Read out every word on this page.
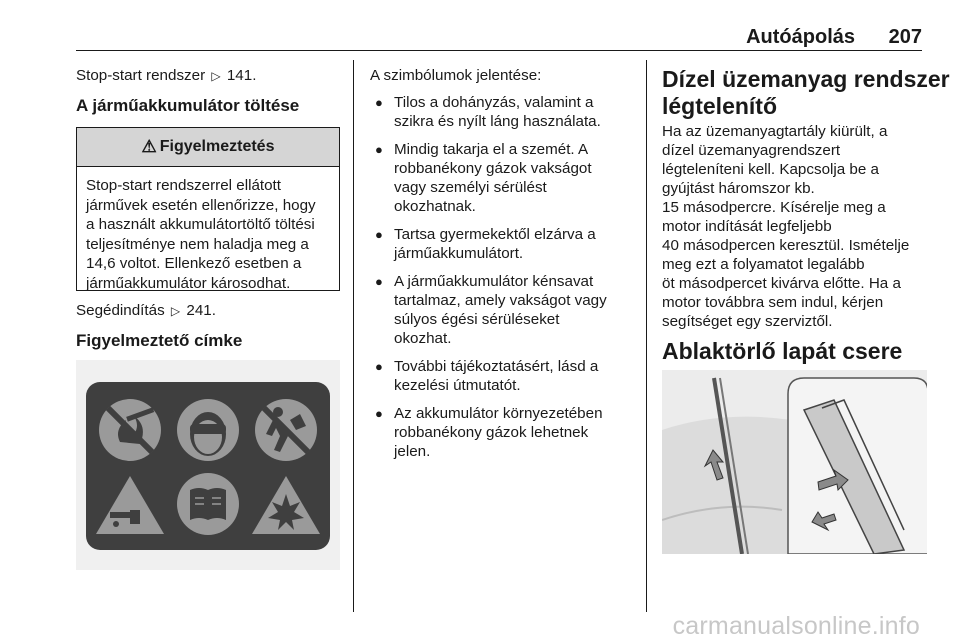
Autóápolás 207
Stop-start rendszer ▷ 141.
A járműakkumulátor töltése
⚠ Figyelmeztetés
Stop-start rendszerrel ellátott
járművek esetén ellenőrizze, hogy
a használt akkumulátortöltő töltési
teljesítménye nem haladja meg a
14,6 voltot. Ellenkező esetben a
járműakkumulátor károsodhat.
Segédindítás ▷ 241.
Figyelmeztető címke
A szimbólumok jelentése:
● Tilos a dohányzás, valamint a
szikra és nyílt láng használata.
● Mindig takarja el a szemét. A
robbanékony gázok vakságot
vagy személyi sérülést
okozhatnak.
● Tartsa gyermekektől elzárva a
járműakkumulátort.
● A járműakkumulátor kénsavat
tartalmaz, amely vakságot vagy
súlyos égési sérüléseket
okozhat.
● További tájékoztatásért, lásd a
kezelési útmutatót.
● Az akkumulátor környezetében
robbanékony gázok lehetnek
jelen.
Dízel üzemanyag rendszer
légtelenítő
Ha az üzemanyagtartály kiürült, a
dízel üzemanyagrendszert
légteleníteni kell. Kapcsolja be a
gyújtást háromszor kb.
15 másodpercre. Kísérelje meg a
motor indítását legfeljebb
40 másodpercen keresztül. Ismételje
meg ezt a folyamatot legalább
öt másodpercet kivárva előtte. Ha a
motor továbbra sem indul, kérjen
segítséget egy szerviztől.
Ablaktörlő lapát csere
carmanualsonline.info
